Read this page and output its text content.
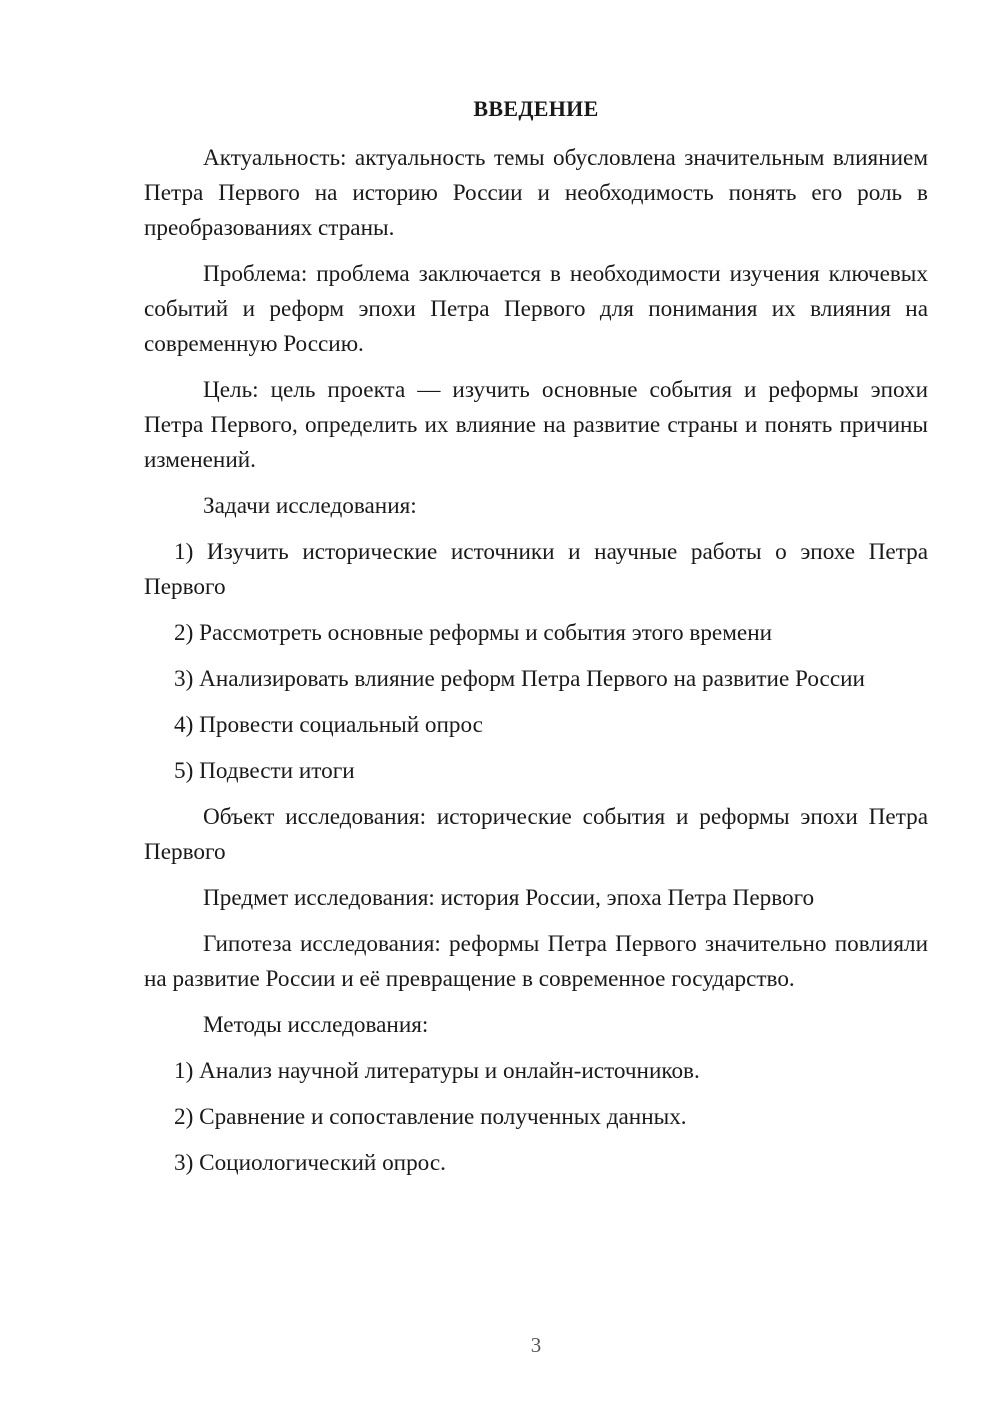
ВВЕДЕНИЕ

Актуальность: актуальность темы обусловлена значительным влиянием Петра Первого на историю России и необходимость понять его роль в преобразованиях страны.

Проблема: проблема заключается в необходимости изучения ключевых событий и реформ эпохи Петра Первого для понимания их влияния на современную Россию.

Цель: цель проекта — изучить основные события и реформы эпохи Петра Первого, определить их влияние на развитие страны и понять причины изменений.

Задачи исследования:

1) Изучить исторические источники и научные работы о эпохе Петра Первого

2) Рассмотреть основные реформы и события этого времени

3) Анализировать влияние реформ Петра Первого на развитие России

4) Провести социальный опрос

5) Подвести итоги

Объект исследования: исторические события и реформы эпохи Петра Первого

Предмет исследования: история России, эпоха Петра Первого

Гипотеза исследования: реформы Петра Первого значительно повлияли на развитие России и её превращение в современное государство.

Методы исследования:

1) Анализ научной литературы и онлайн-источников.

2) Сравнение и сопоставление полученных данных.

3) Социологический опрос.

3
